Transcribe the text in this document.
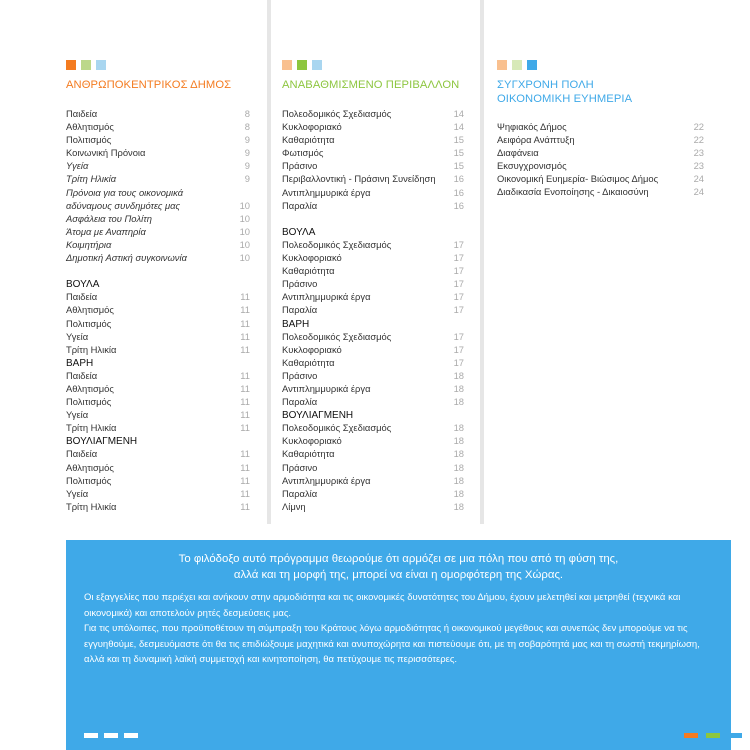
ΑΝΘΡΩΠΟΚΕΝΤΡΙΚΟΣ ΔΗΜΟΣ
Παιδεία	8
Αθλητισμός	8
Πολιτισμός	9
Κοινωνική Πρόνοια	9
Υγεία	9
Τρίτη Ηλικία	9
Πρόνοια για τους οικονομικά
αδύναμους συνδημότες μας	10
Ασφάλεια του Πολίτη	10
Άτομα με Αναπηρία	10
Κοιμητήρια	10
Δημοτική Αστική συγκοινωνία	10
ΒΟΥΛΑ
Παιδεία	11
Αθλητισμός	11
Πολιτισμός	11
Υγεία	11
Τρίτη Ηλικία	11
ΒΑΡΗ
Παιδεία	11
Αθλητισμός	11
Πολιτισμός	11
Υγεία	11
Τρίτη Ηλικία	11
ΒΟΥΛΙΑΓΜΕΝΗ
Παιδεία	11
Αθλητισμός	11
Πολιτισμός	11
Υγεία	11
Τρίτη Ηλικία	11
ΑΝΑΒΑΘΜΙΣΜΕΝΟ ΠΕΡΙΒΑΛΛΟΝ
Πολεοδομικός Σχεδιασμός	14
Κυκλοφοριακό	14
Καθαριότητα	15
Φωτισμός	15
Πράσινο	15
Περιβαλλοντική - Πράσινη Συνείδηση 16
Αντιπλημμυρικά έργα	16
Παραλία	16
ΒΟΥΛΑ
Πολεοδομικός Σχεδιασμός	17
Κυκλοφοριακό	17
Καθαριότητα	17
Πράσινο	17
Αντιπλημμυρικά έργα	17
Παραλία	17
ΒΑΡΗ
Πολεοδομικός Σχεδιασμός	17
Κυκλοφοριακό	17
Καθαριότητα	17
Πράσινο	18
Αντιπλημμυρικά έργα	18
Παραλία	18
ΒΟΥΛΙΑΓΜΕΝΗ
Πολεοδομικός Σχεδιασμός	18
Κυκλοφοριακό	18
Καθαριότητα	18
Πράσινο	18
Αντιπλημμυρικά έργα	18
Παραλία	18
Λίμνη	18
ΣΥΓΧΡΟΝΗ ΠΟΛΗ
ΟΙΚΟΝΟΜΙΚΗ ΕΥΗΜΕΡΙΑ
Ψηφιακός Δήμος	22
Αειφόρα Ανάπτυξη	22
Διαφάνεια	23
Εκσυγχρονισμός	23
Οικονομική Ευημερία- Βιώσιμος Δήμος	24
Διαδικασία Ενοποίησης - Δικαιοσύνη	24
Το φιλόδοξο αυτό πρόγραμμα θεωρούμε ότι αρμόζει σε μια πόλη που από τη φύση της,
αλλά και τη μορφή της, μπορεί να είναι η ομορφότερη της Χώρας.

Οι εξαγγελίες που περιέχει και ανήκουν στην αρμοδιότητα και τις οικονομικές δυνατότητες του Δήμου, έχουν μελετηθεί και μετρηθεί (τεχνικά και οικονομικά) και αποτελούν ρητές δεσμεύσεις μας.

Για τις υπόλοιπες, που προϋποθέτουν τη σύμπραξη του Κράτους λόγω αρμοδιότητας ή οικονομικού μεγέθους και συνεπώς δεν μπορούμε να τις εγγυηθούμε, δεσμευόμαστε ότι θα τις επιδιώξουμε μαχητικά και ανυποχώρητα και πιστεύουμε ότι, με τη σοβαρότητά μας και τη σωστή τεκμηρίωση, αλλά και τη δυναμική λαϊκή συμμετοχή και κινητοποίηση, θα πετύχουμε τις περισσότερες.
